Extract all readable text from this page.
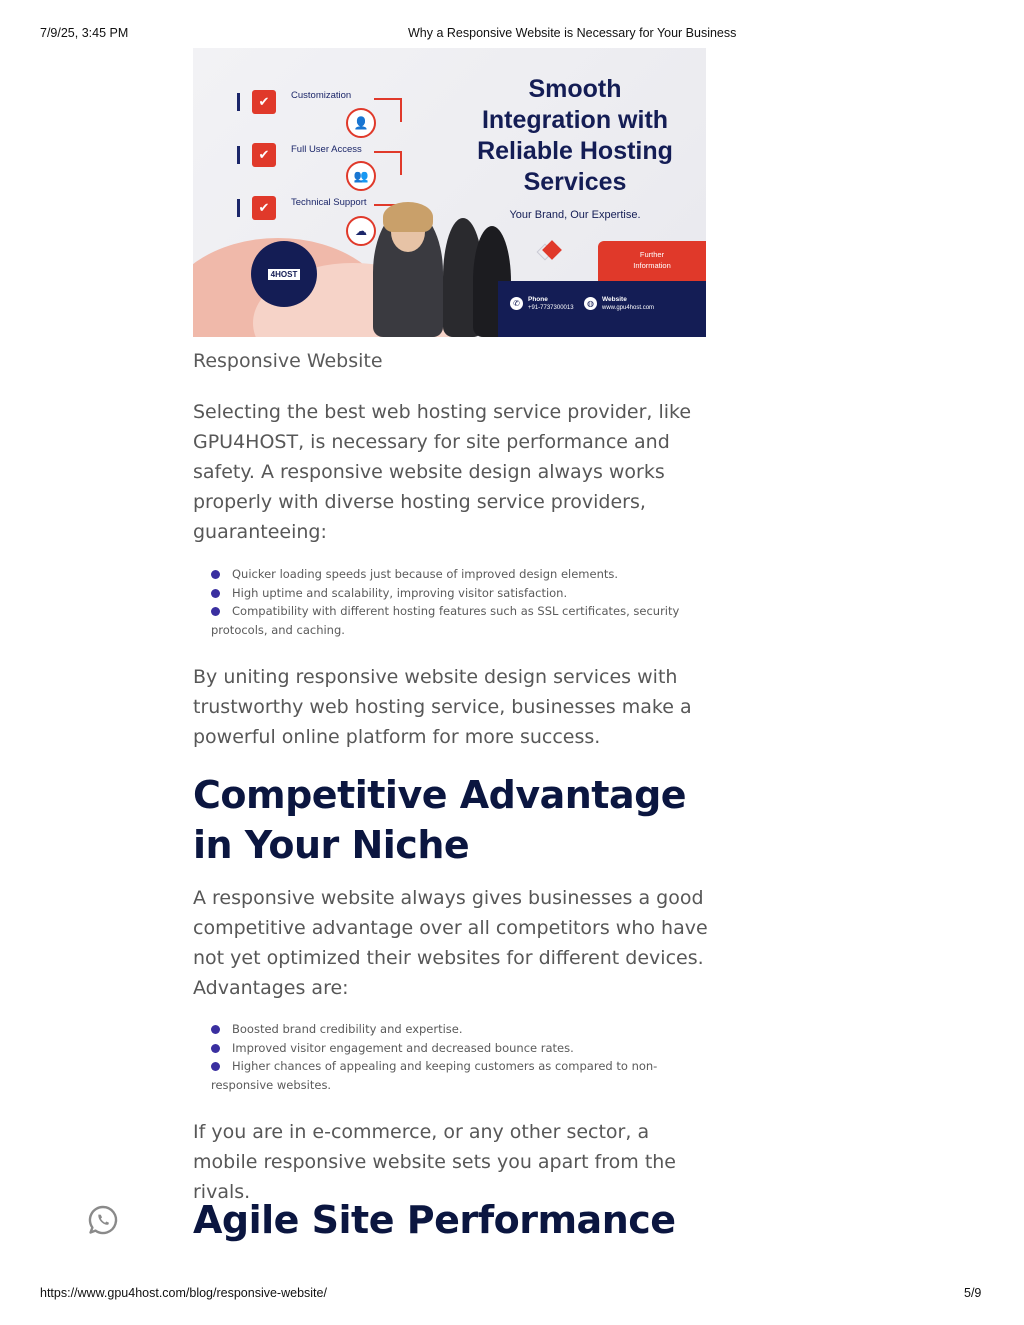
7/9/25, 3:45 PM	Why a Responsive Website is Necessary for Your Business
✔	Customization
👤
✔	Full User Access
👥
✔	Technical Support
☁
4HOST
Smooth
Integration with
Reliable Hosting
Services
Your Brand, Our Expertise.
Further
Information
✆	Phone
+91-7737300013	◍	Website
www.gpu4host.com
Responsive Website

Selecting the best web hosting service provider, like GPU4HOST, is necessary for site performance and safety. A responsive website design always works properly with diverse hosting service providers, guaranteeing:

Quicker loading speeds just because of improved design elements.
High uptime and scalability, improving visitor satisfaction.
Compatibility with different hosting features such as SSL certificates, security protocols, and caching.

By uniting responsive website design services with trustworthy web hosting service, businesses make a powerful online platform for more success.

Competitive Advantage in Your Niche

A responsive website always gives businesses a good competitive advantage over all competitors who have not yet optimized their websites for different devices. Advantages are:

Boosted brand credibility and expertise.
Improved visitor engagement and decreased bounce rates.
Higher chances of appealing and keeping customers as compared to non-responsive websites.

If you are in e-commerce, or any other sector, a mobile responsive website sets you apart from the rivals.

Agile Site Performance
https://www.gpu4host.com/blog/responsive-website/	5/9
